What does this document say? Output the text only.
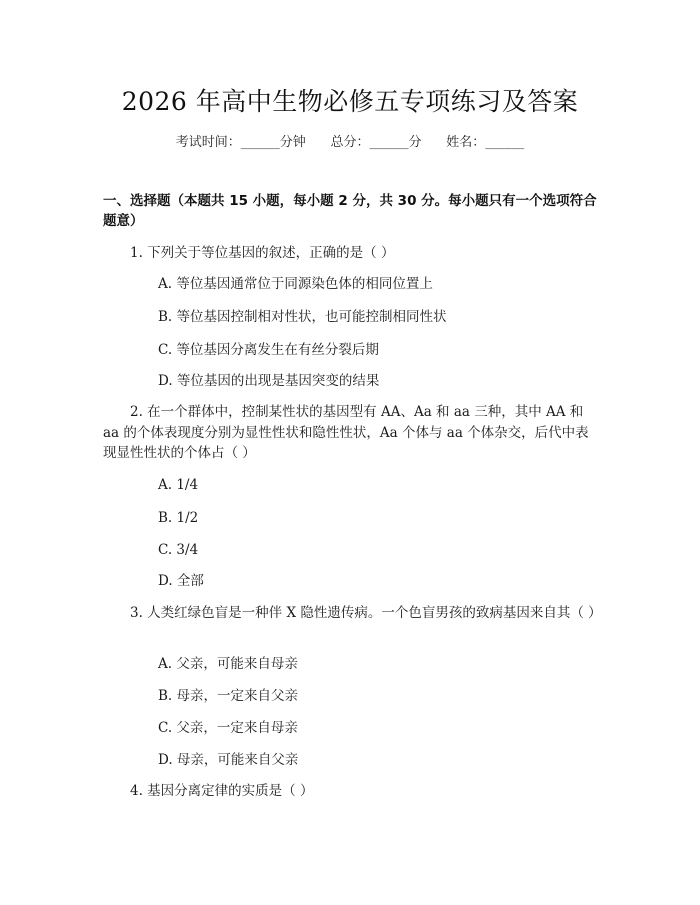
2026 年高中生物必修五专项练习及答案
考试时间：______分钟      总分：______分      姓名：______
一、选择题（本题共 15 小题，每小题 2 分，共 30 分。每小题只有一个选项符合题意）
1. 下列关于等位基因的叙述，正确的是（ ）
A. 等位基因通常位于同源染色体的相同位置上
B. 等位基因控制相对性状，也可能控制相同性状
C. 等位基因分离发生在有丝分裂后期
D. 等位基因的出现是基因突变的结果
2. 在一个群体中，控制某性状的基因型有 AA、Aa 和 aa 三种，其中 AA 和 aa 的个体表现度分别为显性性状和隐性性状，Aa 个体与 aa 个体杂交，后代中表现显性性状的个体占（ ）
A. 1/4
B. 1/2
C. 3/4
D. 全部
3. 人类红绿色盲是一种伴 X 隐性遗传病。一个色盲男孩的致病基因来自其（ ）
A. 父亲，可能来自母亲
B. 母亲，一定来自父亲
C. 父亲，一定来自母亲
D. 母亲，可能来自父亲
4. 基因分离定律的实质是（ ）
